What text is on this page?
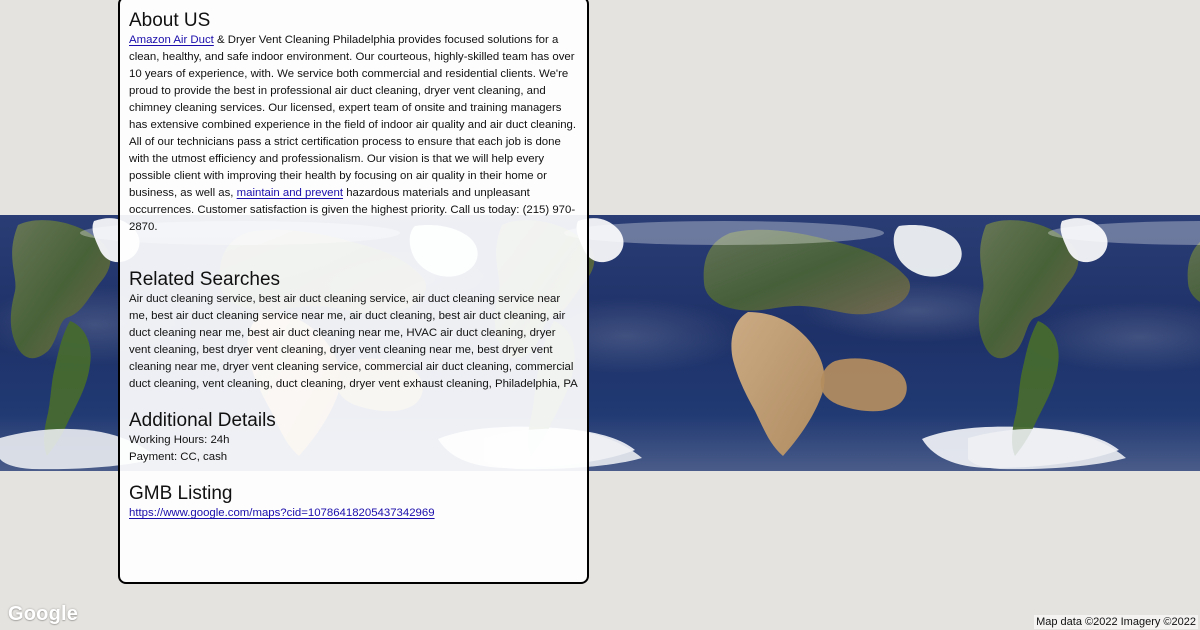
About US

Amazon Air Duct & Dryer Vent Cleaning Philadelphia provides focused solutions for a clean, healthy, and safe indoor environment. Our courteous, highly-skilled team has over 10 years of experience, with. We service both commercial and residential clients. We're proud to provide the best in professional air duct cleaning, dryer vent cleaning, and chimney cleaning services. Our licensed, expert team of onsite and training managers has extensive combined experience in the field of indoor air quality and air duct cleaning.

All of our technicians pass a strict certification process to ensure that each job is done with the utmost efficiency and professionalism. Our vision is that we will help every possible client with improving their health by focusing on air quality in their home or business, as well as, maintain and prevent hazardous materials and unpleasant occurrences. Customer satisfaction is given the highest priority. Call us today: (215) 970-2870.

Related Searches

Air duct cleaning service, best air duct cleaning service, air duct cleaning service near me, best air duct cleaning service near me, air duct cleaning, best air duct cleaning, air duct cleaning near me, best air duct cleaning near me, HVAC air duct cleaning, dryer vent cleaning, best dryer vent cleaning, dryer vent cleaning near me, best dryer vent cleaning near me, dryer vent cleaning service, commercial air duct cleaning, commercial duct cleaning, vent cleaning, duct cleaning, dryer vent exhaust cleaning, Philadelphia, PA

Additional Details

Working Hours: 24h

Payment: CC, cash

GMB Listing

https://www.google.com/maps?cid=10786418205437342969

Google	Map data ©2022 Imagery ©2022
